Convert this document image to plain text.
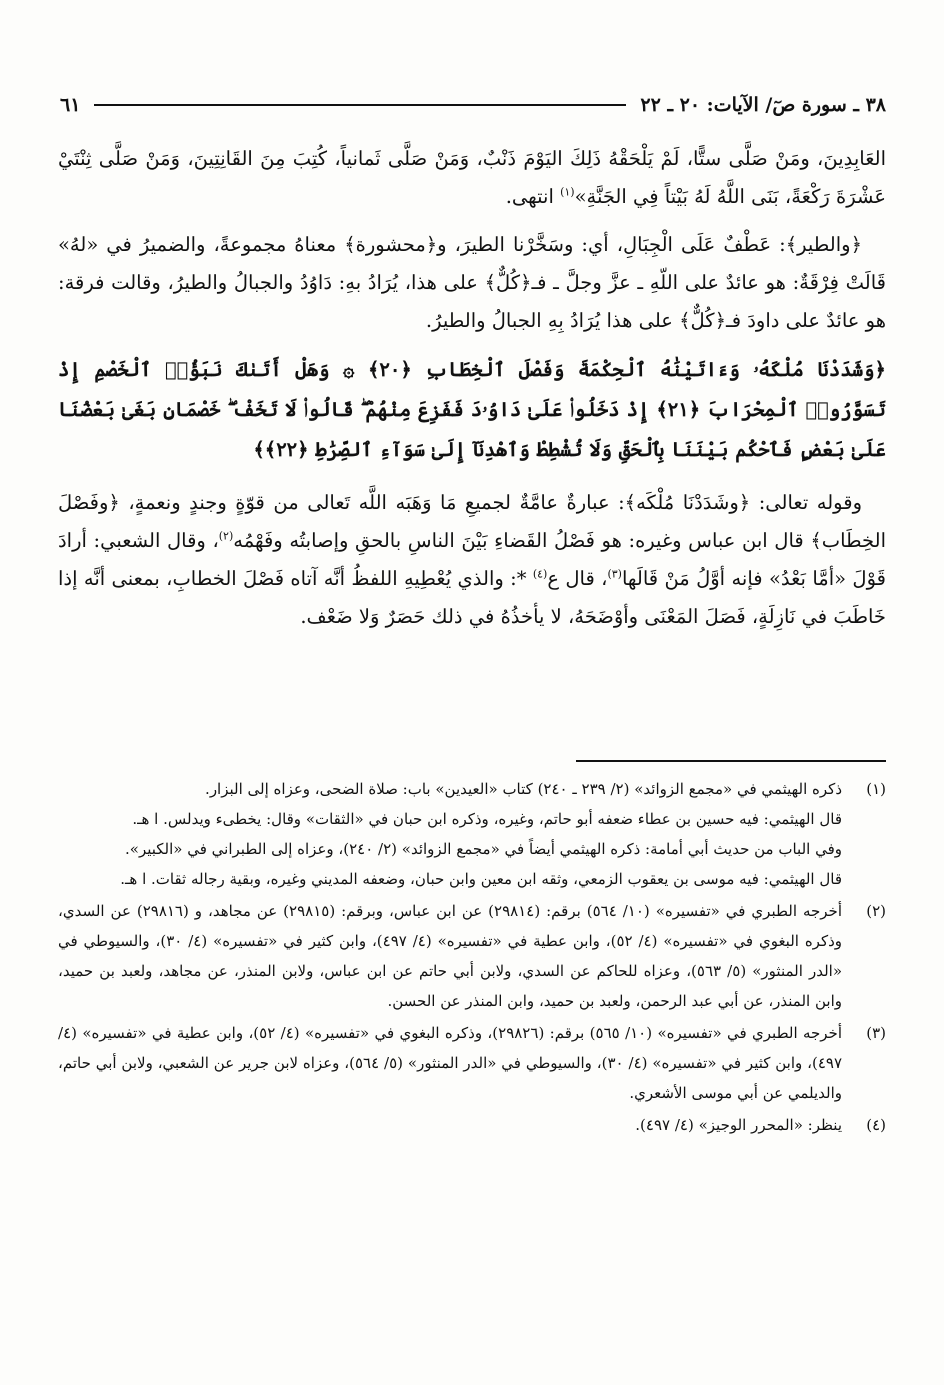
٣٨ ـ سورة صٓ/ الآيات: ٢٠ ـ ٢٢
٦١

العَابِدِينَ، ومَنْ صَلَّى ستًّا، لَمْ يَلْحَقْهُ ذَلِكَ اليَوْمَ ذَنْبٌ، وَمَنْ صَلَّى ثَمانياً، كُتِبَ مِنَ القَانِتِينَ، وَمَنْ صَلَّى ثِنْتَيْ عَشْرَةَ رَكْعَةً، بَنَى اللَّهُ لَهُ بَيْتاً فِي الجَنَّةِ»$^{(١)}$ انتهى.

﴿والطير﴾: عَطْفٌ عَلَى الْجِبَالِ، أي: وسَخَّرْنا الطيرَ، و﴿محشورة﴾ معناهُ مجموعةً، والضميرُ في «لهُ» قَالَتْ فِرْقَةٌ: هو عائدٌ على اللّهِ ـ عزَّ وجلَّ ـ فـ﴿كُلٌّ﴾ على هذا، يُرَادُ بهِ: دَاوُدُ والجبالُ والطيرُ، وقالت فرقة: هو عائدٌ على داودَ فـ﴿كُلٌّ﴾ على هذا يُرَادُ بِهِ الجبالُ والطيرُ.

﴿وَشَدَدْنَا مُلْكَهُۥ وَءَاتَيْنَٰهُ ٱلْحِكْمَةَ وَفَصْلَ ٱلْخِطَابِ ﴿٢٠﴾ ۞ وَهَلْ أَتَىٰكَ نَبَؤُا۟ ٱلْخَصْمِ إِذْ تَسَوَّرُوا۟ ٱلْمِحْرَابَ ﴿٢١﴾ إِذْ دَخَلُوا۟ عَلَىٰ دَاوُۥدَ فَفَزِعَ مِنْهُمْ ۖ قَالُوا۟ لَا تَخَفْ ۖ خَصْمَانِ بَغَىٰ بَعْضُنَا عَلَىٰ بَعْضٍ فَٱحْكُم بَيْنَنَا بِٱلْحَقِّ وَلَا تُشْطِطْ وَٱهْدِنَآ إِلَىٰ سَوَآءِ ٱلصِّرَٰطِ ﴿٢٢﴾﴾

وقوله تعالى: ﴿وشَدَدْنَا مُلْكَه﴾: عبارةٌ عامَّةٌ لجميعِ مَا وَهَبَه اللَّه تَعالى من قوّةٍ وجندٍ ونعمةٍ، ﴿وفَصْلَ الخِطَاب﴾ قال ابن عباس وغيره: هو فَصْلُ القَضاءِ بَيْنَ الناسِ بالحقِ وإصابتُه وفَهْمُه$^{(٢)}$، وقال الشعبي: أرادَ قَوْلَ «أمَّا بَعْدُ» فإنه أوَّلُ مَنْ قَالَها$^{(٣)}$، قال ع$^{(٤)}$ *: والذي يُعْطِيهِ اللفظُ أنَّه آتاه فَصْلَ الخطابِ، بمعنى أنَّه إذا خَاطَبَ في نَازِلَةٍ، فَصَلَ المَعْنَى وأوْضَحَهُ، لا يأخذُهُ في ذلك حَصَرٌ وَلا ضَعْف.

(١)
ذكره الهيثمي في «مجمع الزوائد» (٢/ ٢٣٩ ـ ٢٤٠) كتاب «العيدين» باب: صلاة الضحى، وعزاه إلى البزار.
قال الهيثمي: فيه حسين بن عطاء ضعفه أبو حاتم، وغيره، وذكره ابن حبان في «الثقات» وقال: يخطىء ويدلس. ا هـ.
وفي الباب من حديث أبي أمامة: ذكره الهيثمي أيضاً في «مجمع الزوائد» (٢/ ٢٤٠)، وعزاه إلى الطبراني في «الكبير».
قال الهيثمي: فيه موسى بن يعقوب الزمعي، وثقه ابن معين وابن حبان، وضعفه المديني وغيره، وبقية رجاله ثقات. ا هـ.
(٢)
أخرجه الطبري في «تفسيره» (١٠/ ٥٦٤) برقم: (٢٩٨١٤) عن ابن عباس، وبرقم: (٢٩٨١٥) عن مجاهد، و (٢٩٨١٦) عن السدي، وذكره البغوي في «تفسيره» (٤/ ٥٢)، وابن عطية في «تفسيره» (٤/ ٤٩٧)، وابن كثير في «تفسيره» (٤/ ٣٠)، والسيوطي في «الدر المنثور» (٥/ ٥٦٣)، وعزاه للحاكم عن السدي، ولابن أبي حاتم عن ابن عباس، ولابن المنذر، عن مجاهد، ولعبد بن حميد، وابن المنذر، عن أبي عبد الرحمن، ولعبد بن حميد، وابن المنذر عن الحسن.
(٣)
أخرجه الطبري في «تفسيره» (١٠/ ٥٦٥) برقم: (٢٩٨٢٦)، وذكره البغوي في «تفسيره» (٤/ ٥٢)، وابن عطية في «تفسيره» (٤/ ٤٩٧)، وابن كثير في «تفسيره» (٤/ ٣٠)، والسيوطي في «الدر المنثور» (٥/ ٥٦٤)، وعزاه لابن جرير عن الشعبي، ولابن أبي حاتم، والديلمي عن أبي موسى الأشعري.
(٤)
ينظر: «المحرر الوجيز» (٤/ ٤٩٧).
